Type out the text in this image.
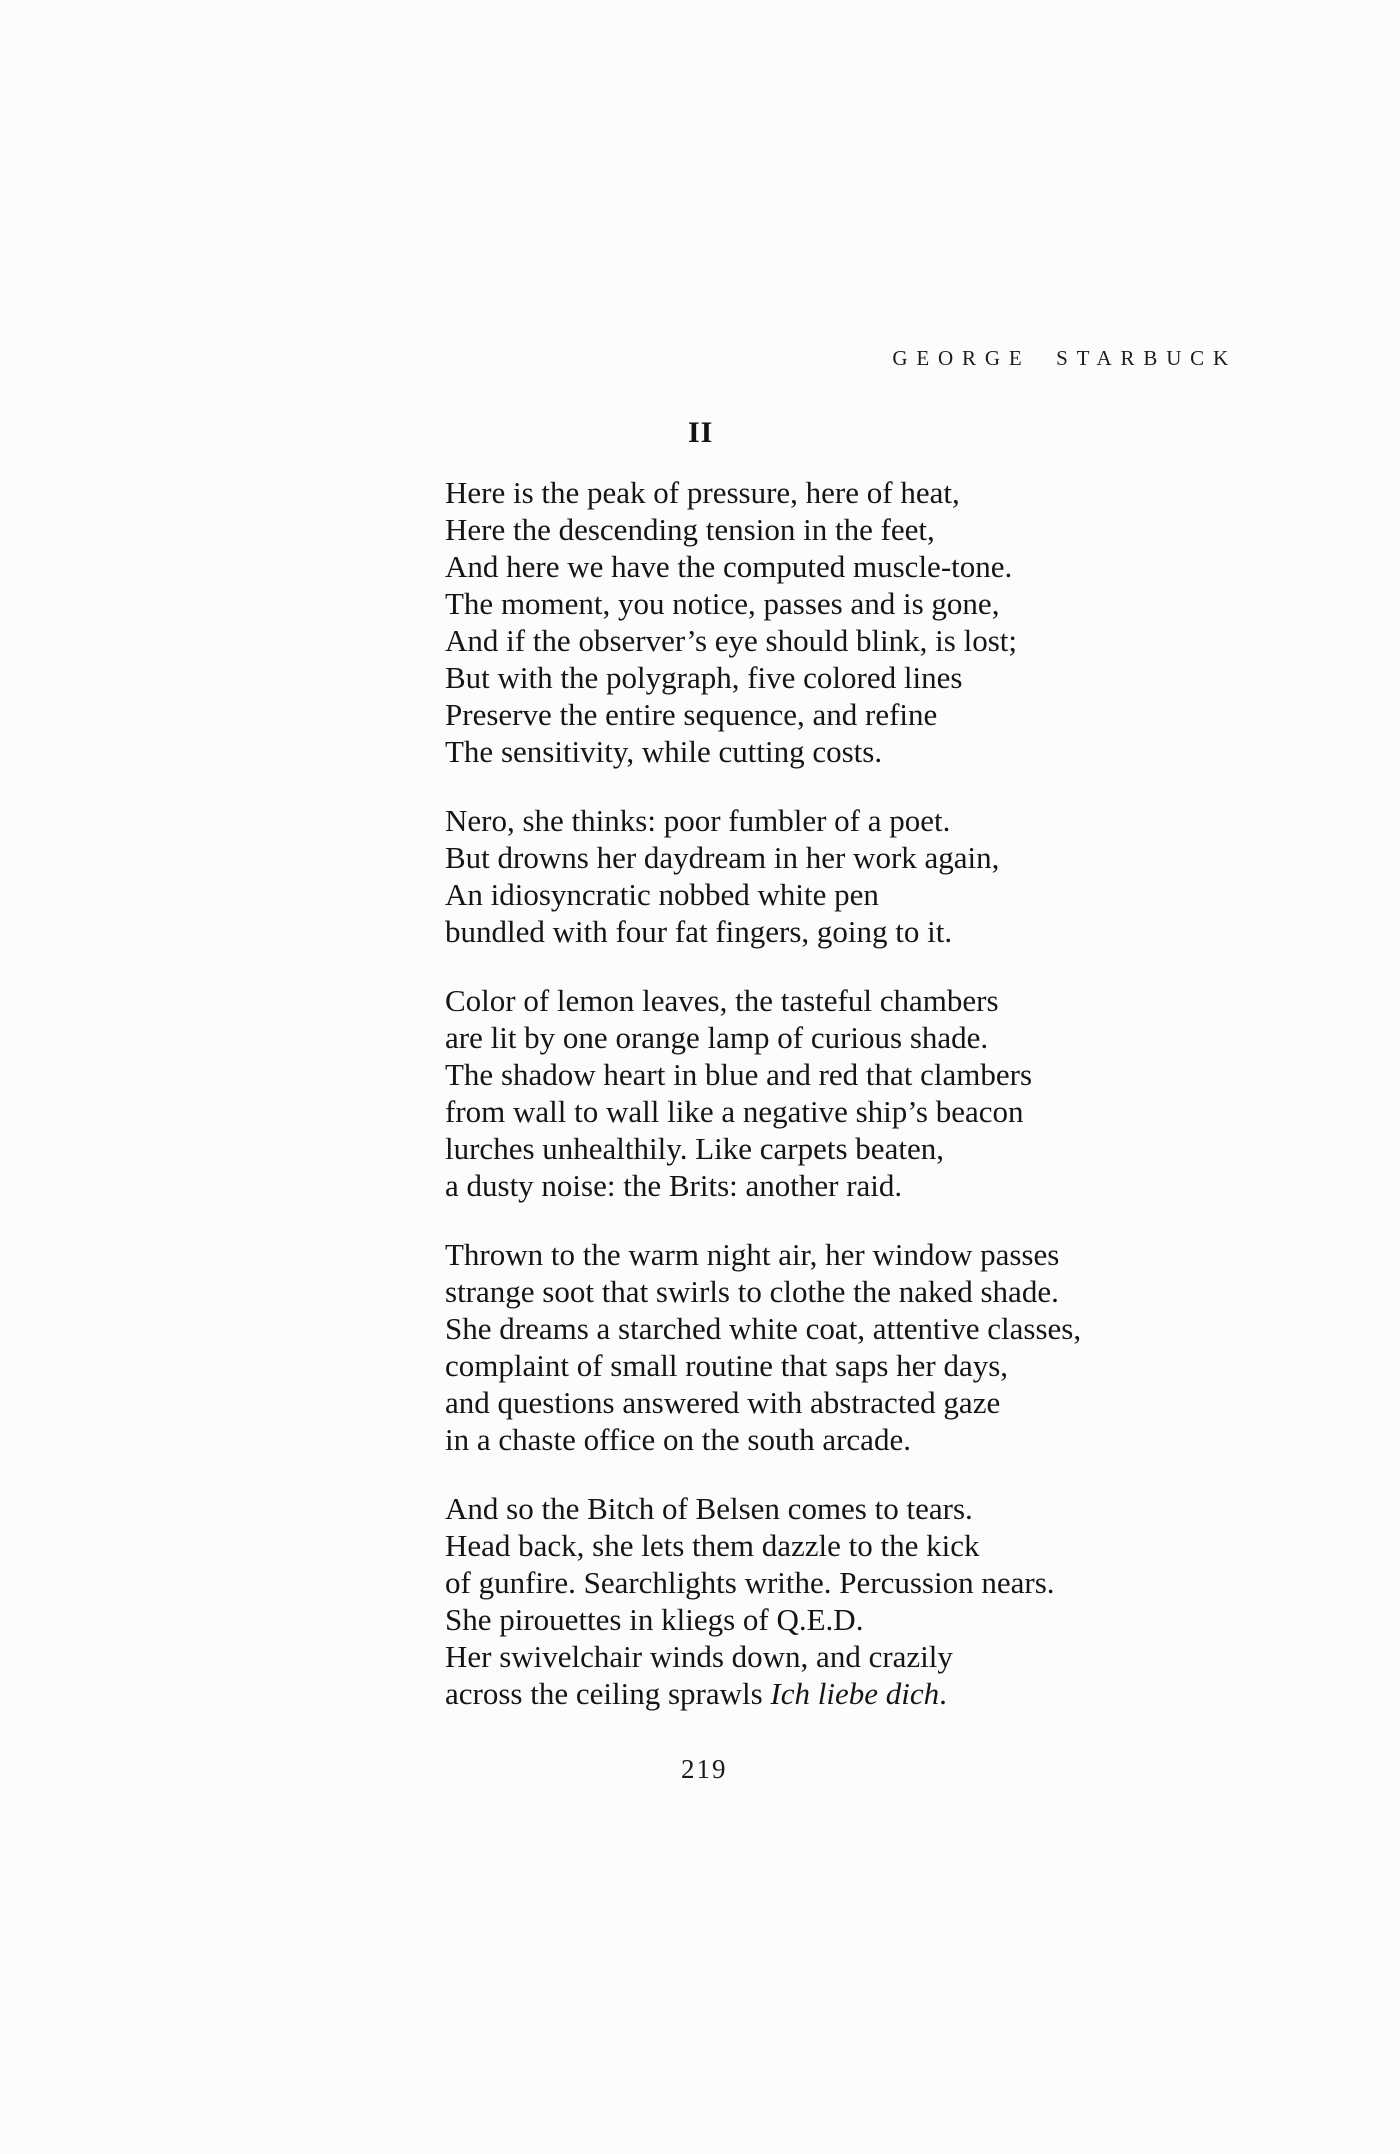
GEORGE STARBUCK
II
Here is the peak of pressure, here of heat,
Here the descending tension in the feet,
And here we have the computed muscle-tone.
The moment, you notice, passes and is gone,
And if the observer’s eye should blink, is lost;
But with the polygraph, five colored lines
Preserve the entire sequence, and refine
The sensitivity, while cutting costs.
Nero, she thinks: poor fumbler of a poet.
But drowns her daydream in her work again,
An idiosyncratic nobbed white pen
bundled with four fat fingers, going to it.
Color of lemon leaves, the tasteful chambers
are lit by one orange lamp of curious shade.
The shadow heart in blue and red that clambers
from wall to wall like a negative ship’s beacon
lurches unhealthily. Like carpets beaten,
a dusty noise: the Brits: another raid.
Thrown to the warm night air, her window passes
strange soot that swirls to clothe the naked shade.
She dreams a starched white coat, attentive classes,
complaint of small routine that saps her days,
and questions answered with abstracted gaze
in a chaste office on the south arcade.
And so the Bitch of Belsen comes to tears.
Head back, she lets them dazzle to the kick
of gunfire. Searchlights writhe. Percussion nears.
She pirouettes in kliegs of Q.E.D.
Her swivelchair winds down, and crazily
across the ceiling sprawls Ich liebe dich.
219
